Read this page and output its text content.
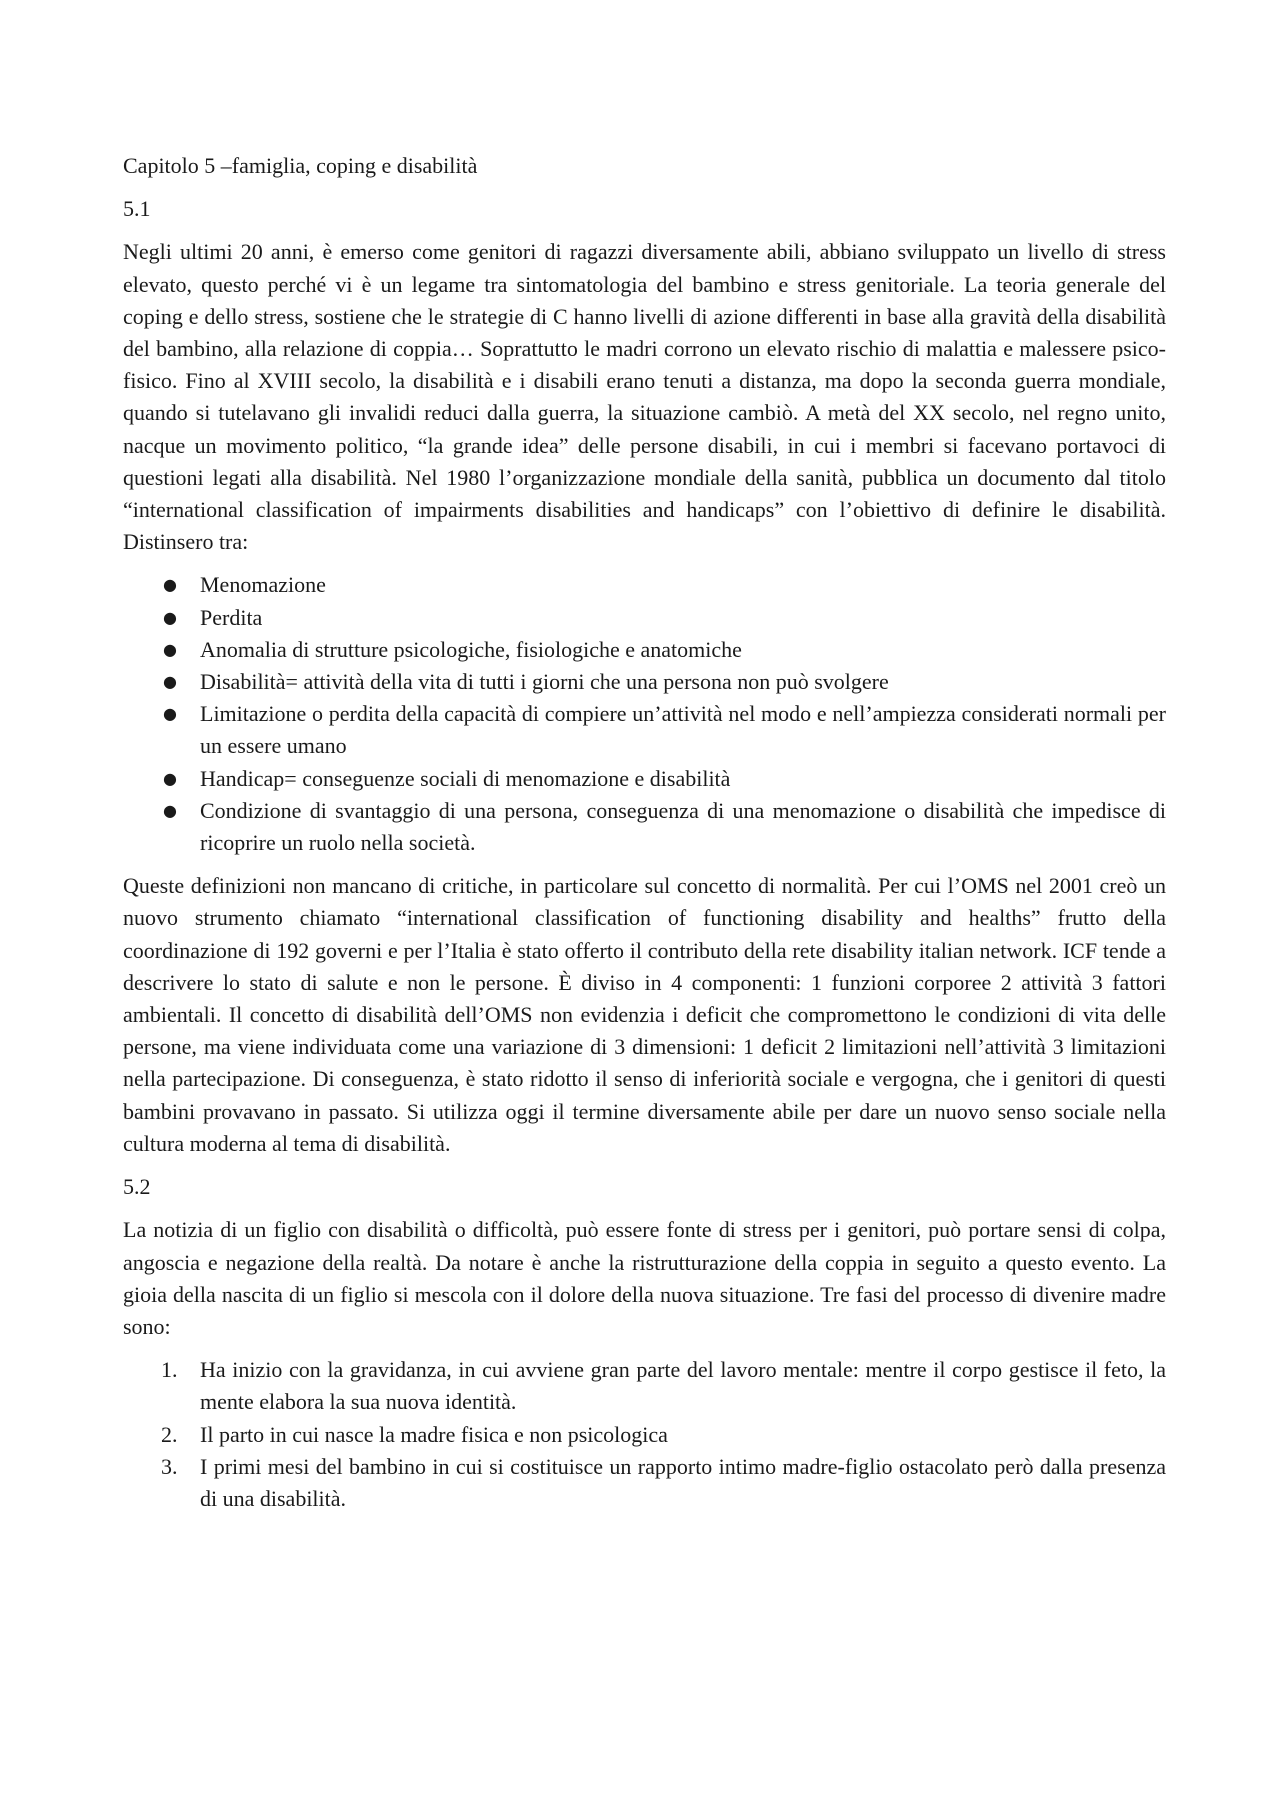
Capitolo 5 –famiglia, coping e disabilità

5.1

Negli ultimi 20 anni, è emerso come genitori di ragazzi diversamente abili, abbiano sviluppato un livello di stress elevato, questo perché vi è un legame tra sintomatologia del bambino e stress genitoriale. La teoria generale del coping e dello stress, sostiene che le strategie di C hanno livelli di azione differenti in base alla gravità della disabilità del bambino, alla relazione di coppia… Soprattutto le madri corrono un elevato rischio di malattia e malessere psico-fisico. Fino al XVIII secolo, la disabilità e i disabili erano tenuti a distanza, ma dopo la seconda guerra mondiale, quando si tutelavano gli invalidi reduci dalla guerra, la situazione cambiò. A metà del XX secolo, nel regno unito, nacque un movimento politico, “la grande idea” delle persone disabili, in cui i membri si facevano portavoci di questioni legati alla disabilità. Nel 1980 l’organizzazione mondiale della sanità, pubblica un documento dal titolo “international classification of impairments disabilities and handicaps” con l’obiettivo di definire le disabilità. Distinsero tra:

● Menomazione
● Perdita
● Anomalia di strutture psicologiche, fisiologiche e anatomiche
● Disabilità= attività della vita di tutti i giorni che una persona non può svolgere
● Limitazione o perdita della capacità di compiere un’attività nel modo e nell’ampiezza considerati normali per un essere umano
● Handicap= conseguenze sociali di menomazione e disabilità
● Condizione di svantaggio di una persona, conseguenza di una menomazione o disabilità che impedisce di ricoprire un ruolo nella società.

Queste definizioni non mancano di critiche, in particolare sul concetto di normalità. Per cui l’OMS nel 2001 creò un nuovo strumento chiamato “international classification of functioning disability and healths” frutto della coordinazione di 192 governi e per l’Italia è stato offerto il contributo della rete disability italian network. ICF tende a descrivere lo stato di salute e non le persone. È diviso in 4 componenti: 1 funzioni corporee 2 attività 3 fattori ambientali. Il concetto di disabilità dell’OMS non evidenzia i deficit che compromettono le condizioni di vita delle persone, ma viene individuata come una variazione di 3 dimensioni: 1 deficit 2 limitazioni nell’attività 3 limitazioni nella partecipazione. Di conseguenza, è stato ridotto il senso di inferiorità sociale e vergogna, che i genitori di questi bambini provavano in passato. Si utilizza oggi il termine diversamente abile per dare un nuovo senso sociale nella cultura moderna al tema di disabilità.

5.2

La notizia di un figlio con disabilità o difficoltà, può essere fonte di stress per i genitori, può portare sensi di colpa, angoscia e negazione della realtà. Da notare è anche la ristrutturazione della coppia in seguito a questo evento. La gioia della nascita di un figlio si mescola con il dolore della nuova situazione. Tre fasi del processo di divenire madre sono:

1. Ha inizio con la gravidanza, in cui avviene gran parte del lavoro mentale: mentre il corpo gestisce il feto, la mente elabora la sua nuova identità.
2. Il parto in cui nasce la madre fisica e non psicologica
3. I primi mesi del bambino in cui si costituisce un rapporto intimo madre-figlio ostacolato però dalla presenza di una disabilità.
